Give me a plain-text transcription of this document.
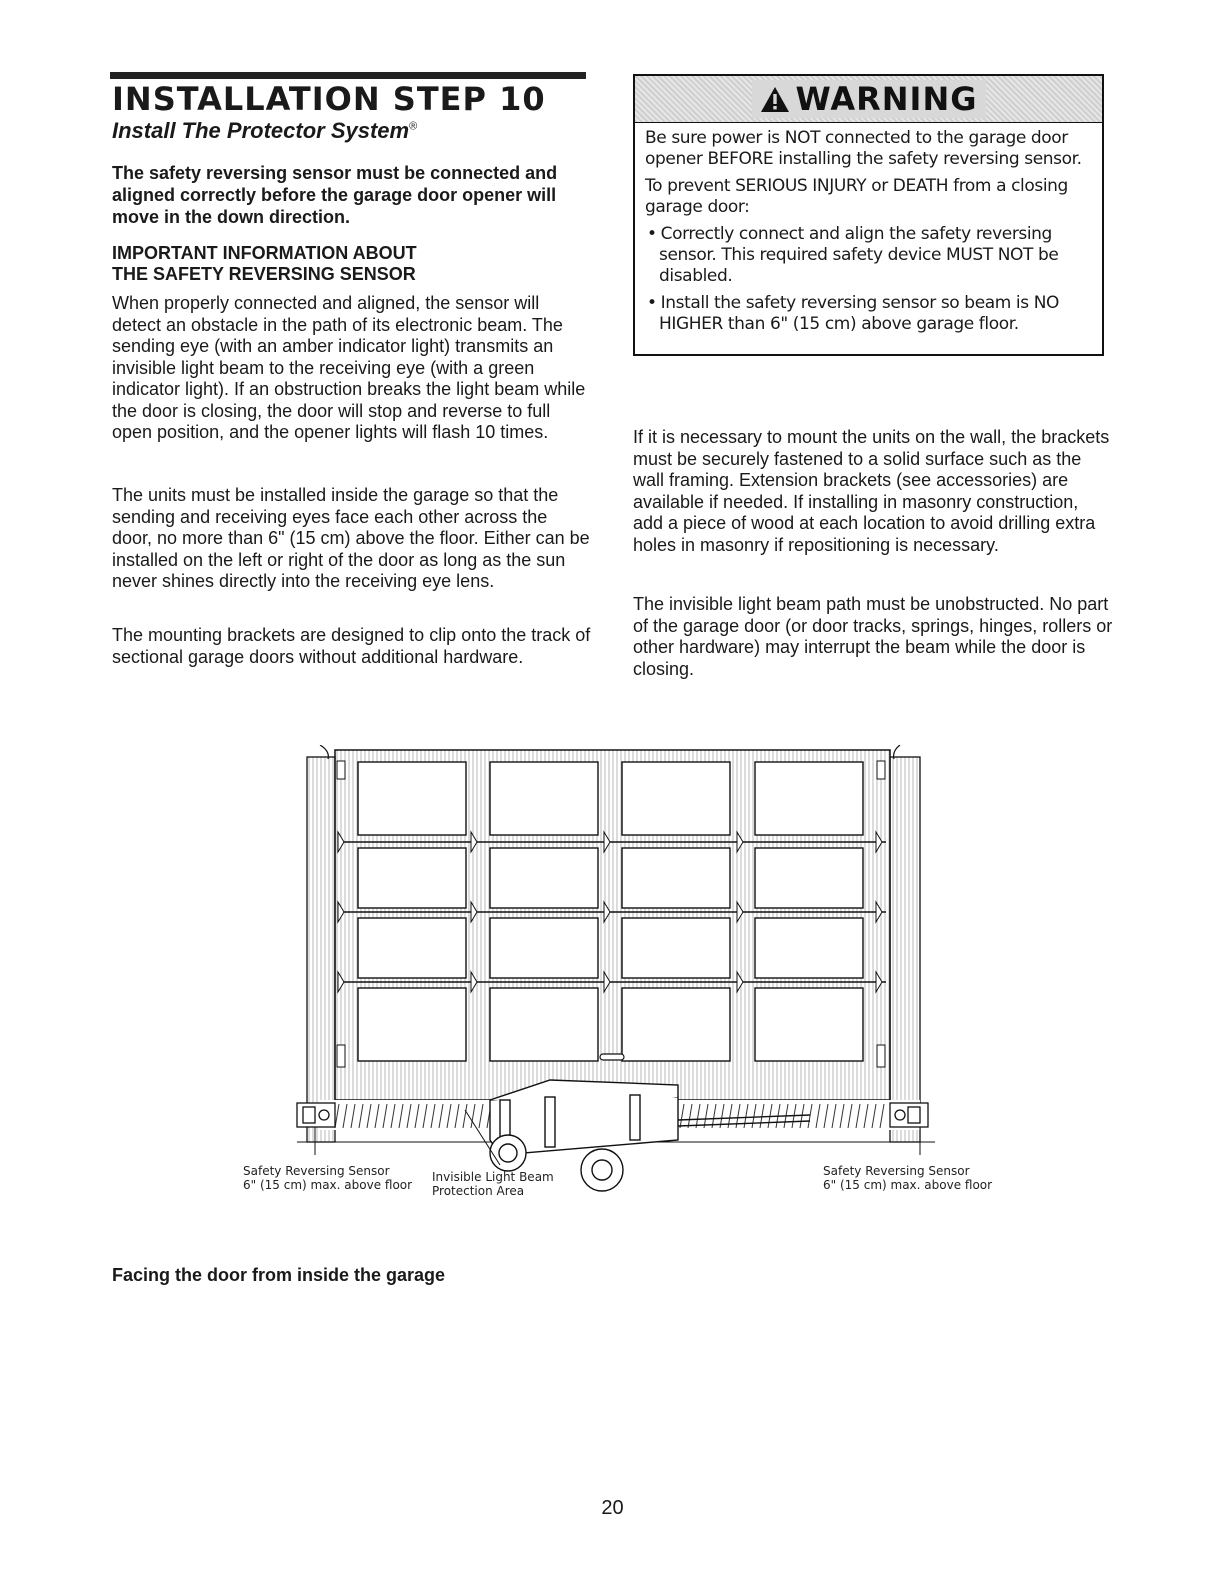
INSTALLATION STEP 10
Install The Protector System®

The safety reversing sensor must be connected and aligned correctly before the garage door opener will move in the down direction.

IMPORTANT INFORMATION ABOUT
THE SAFETY REVERSING SENSOR

When properly connected and aligned, the sensor will detect an obstacle in the path of its electronic beam. The sending eye (with an amber indicator light) transmits an invisible light beam to the receiving eye (with a green indicator light). If an obstruction breaks the light beam while the door is closing, the door will stop and reverse to full open position, and the opener lights will flash 10 times.

The units must be installed inside the garage so that the sending and receiving eyes face each other across the door, no more than 6" (15 cm) above the floor. Either can be installed on the left or right of the door as long as the sun never shines directly into the receiving eye lens.

The mounting brackets are designed to clip onto the track of sectional garage doors without additional hardware.

WARNING

Be sure power is NOT connected to the garage door opener BEFORE installing the safety reversing sensor.

To prevent SERIOUS INJURY or DEATH from a closing garage door:

• Correctly connect and align the safety reversing sensor. This required safety device MUST NOT be disabled.
• Install the safety reversing sensor so beam is NO HIGHER than 6" (15 cm) above garage floor.

If it is necessary to mount the units on the wall, the brackets must be securely fastened to a solid surface such as the wall framing. Extension brackets (see accessories) are available if needed. If installing in masonry construction, add a piece of wood at each location to avoid drilling extra holes in masonry if repositioning is necessary.

The invisible light beam path must be unobstructed. No part of the garage door (or door tracks, springs, hinges, rollers or other hardware) may interrupt the beam while the door is closing.

Safety Reversing Sensor
6" (15 cm) max. above floor
Invisible Light Beam
Protection Area
Safety Reversing Sensor
6" (15 cm) max. above floor

Facing the door from inside the garage

20
